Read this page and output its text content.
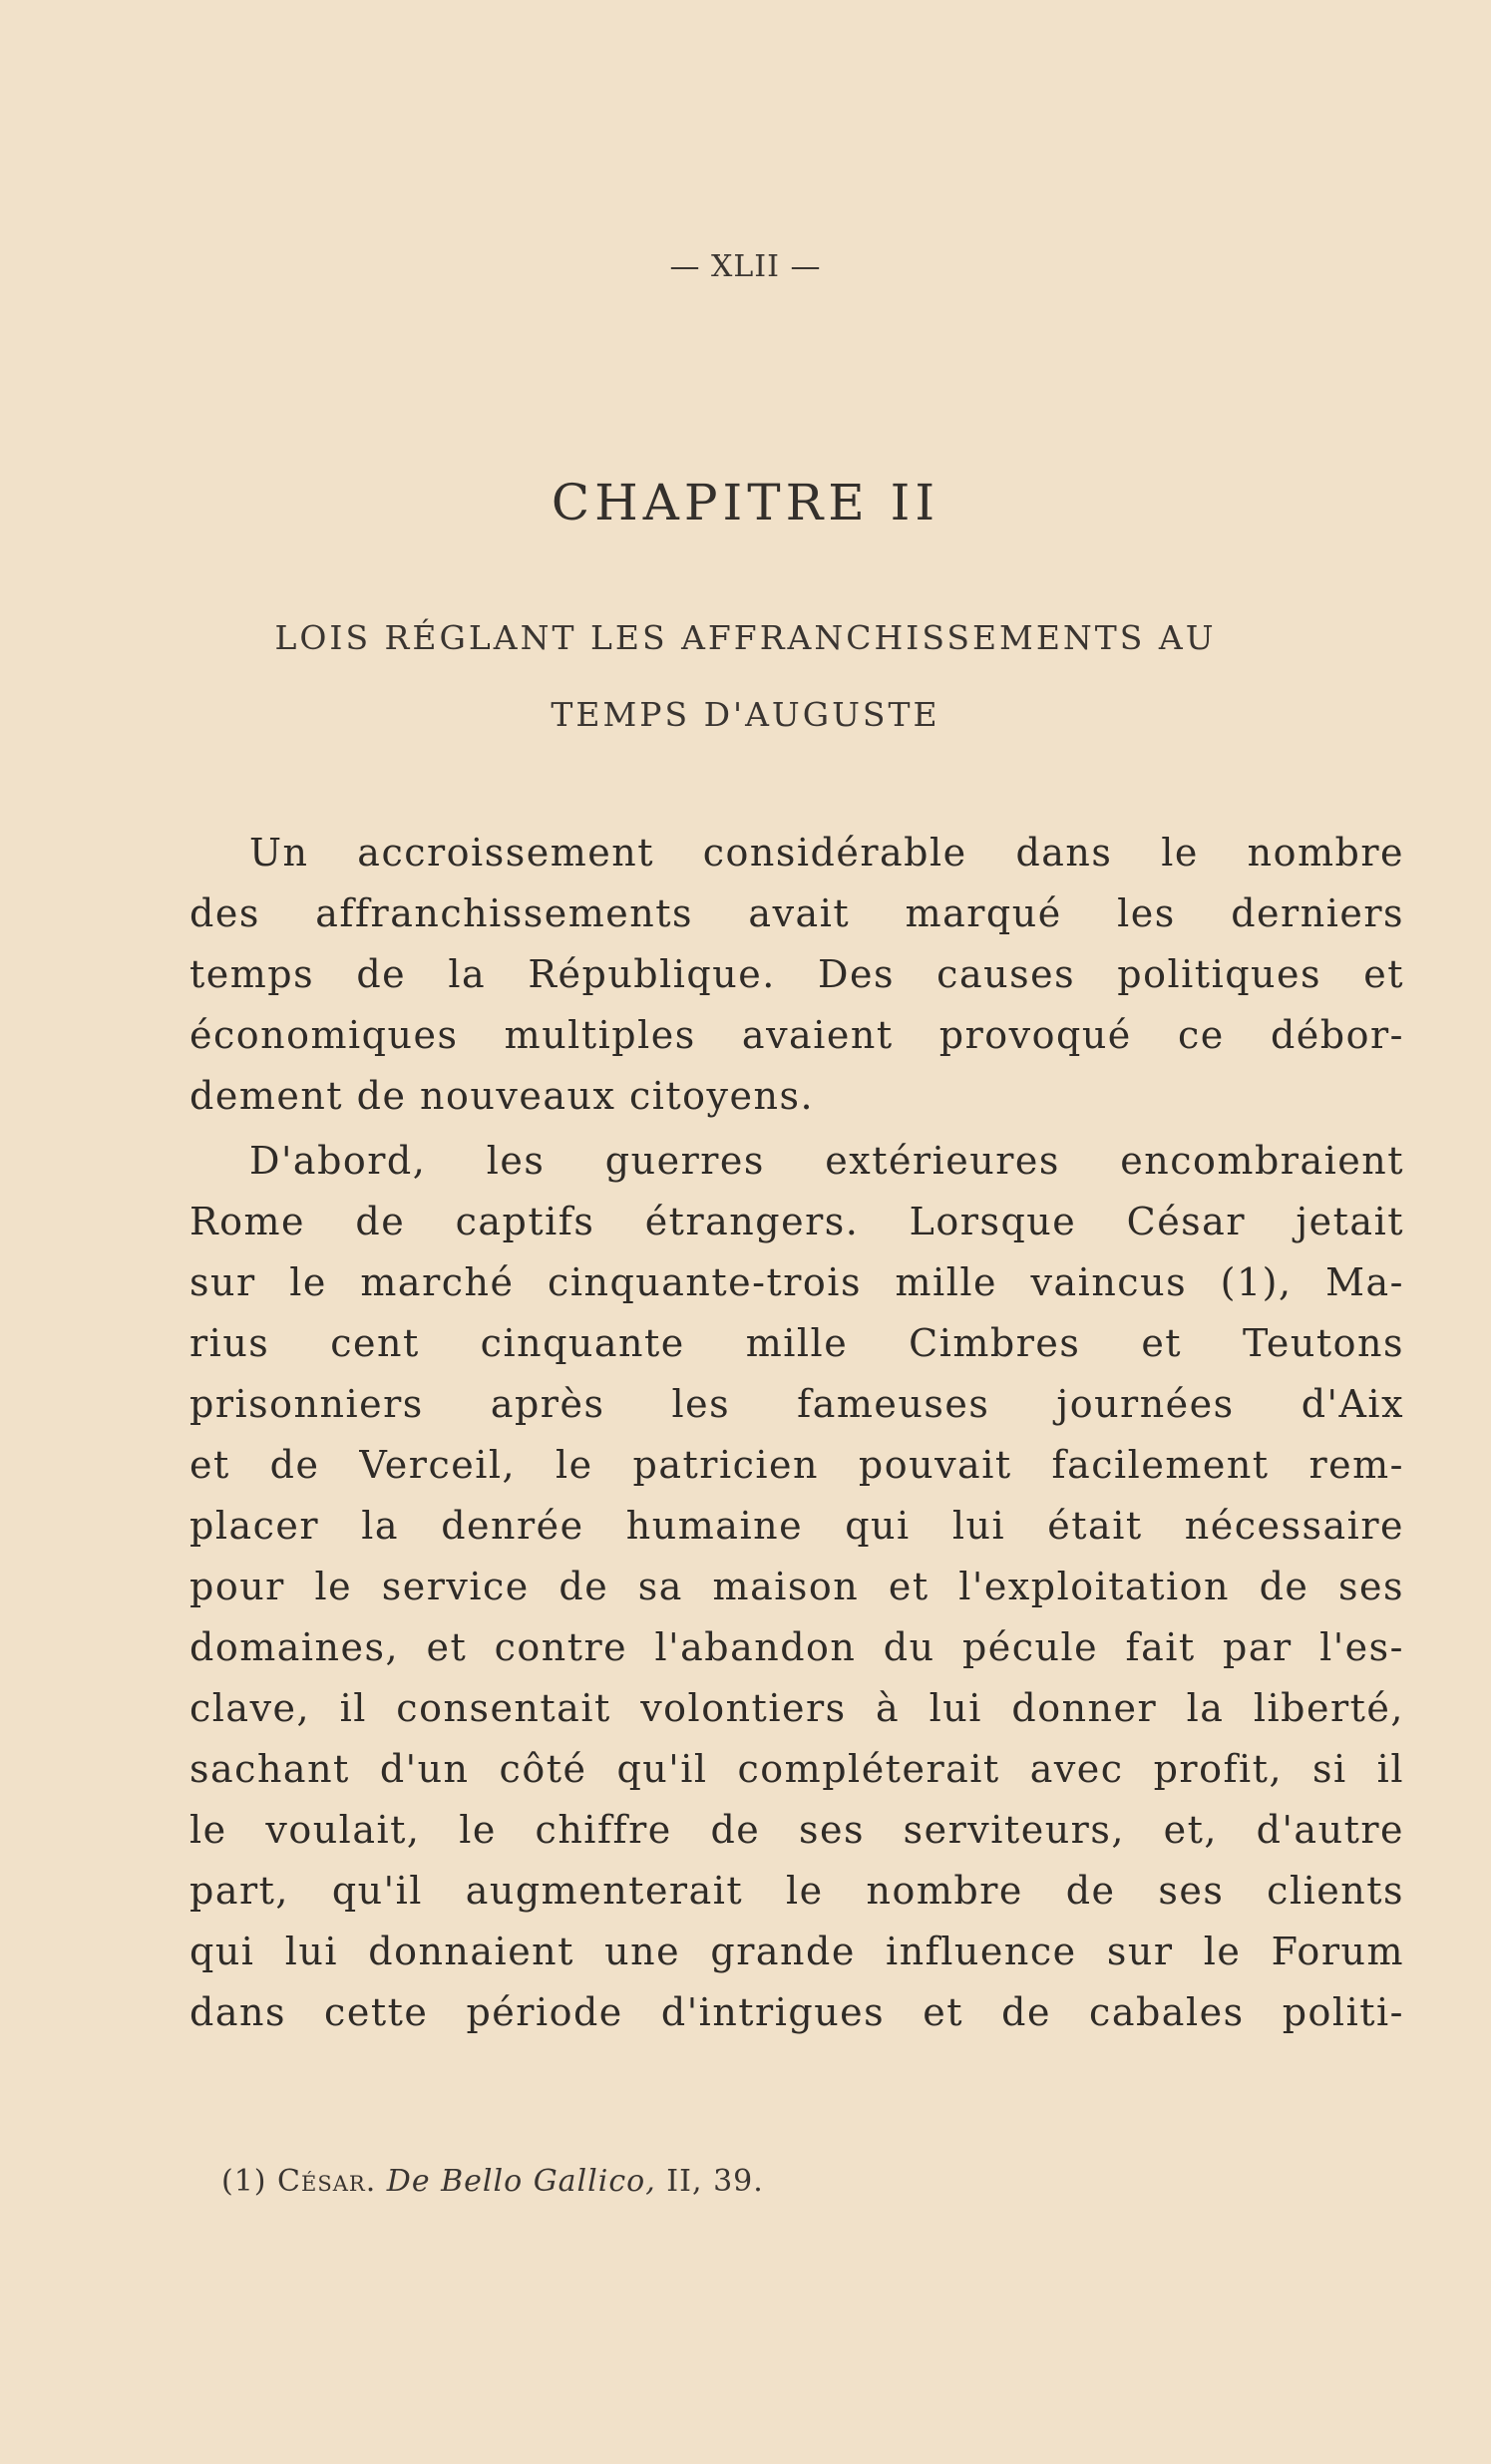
— XLII —
CHAPITRE II
LOIS RÉGLANT LES AFFRANCHISSEMENTS AU
TEMPS D'AUGUSTE
Un accroissement considérable dans le nombre
des affranchissements avait marqué les derniers
temps de la République. Des causes politiques et
économiques multiples avaient provoqué ce débor-
dement de nouveaux citoyens.
D'abord, les guerres extérieures encombraient
Rome de captifs étrangers. Lorsque César jetait
sur le marché cinquante-trois mille vaincus (1), Ma-
rius cent cinquante mille Cimbres et Teutons
prisonniers après les fameuses journées d'Aix
et de Verceil, le patricien pouvait facilement rem-
placer la denrée humaine qui lui était nécessaire
pour le service de sa maison et l'exploitation de ses
domaines, et contre l'abandon du pécule fait par l'es-
clave, il consentait volontiers à lui donner la liberté,
sachant d'un côté qu'il compléterait avec profit, si il
le voulait, le chiffre de ses serviteurs, et, d'autre
part, qu'il augmenterait le nombre de ses clients
qui lui donnaient une grande influence sur le Forum
dans cette période d'intrigues et de cabales politi-
(1) César. De Bello Gallico, II, 39.
